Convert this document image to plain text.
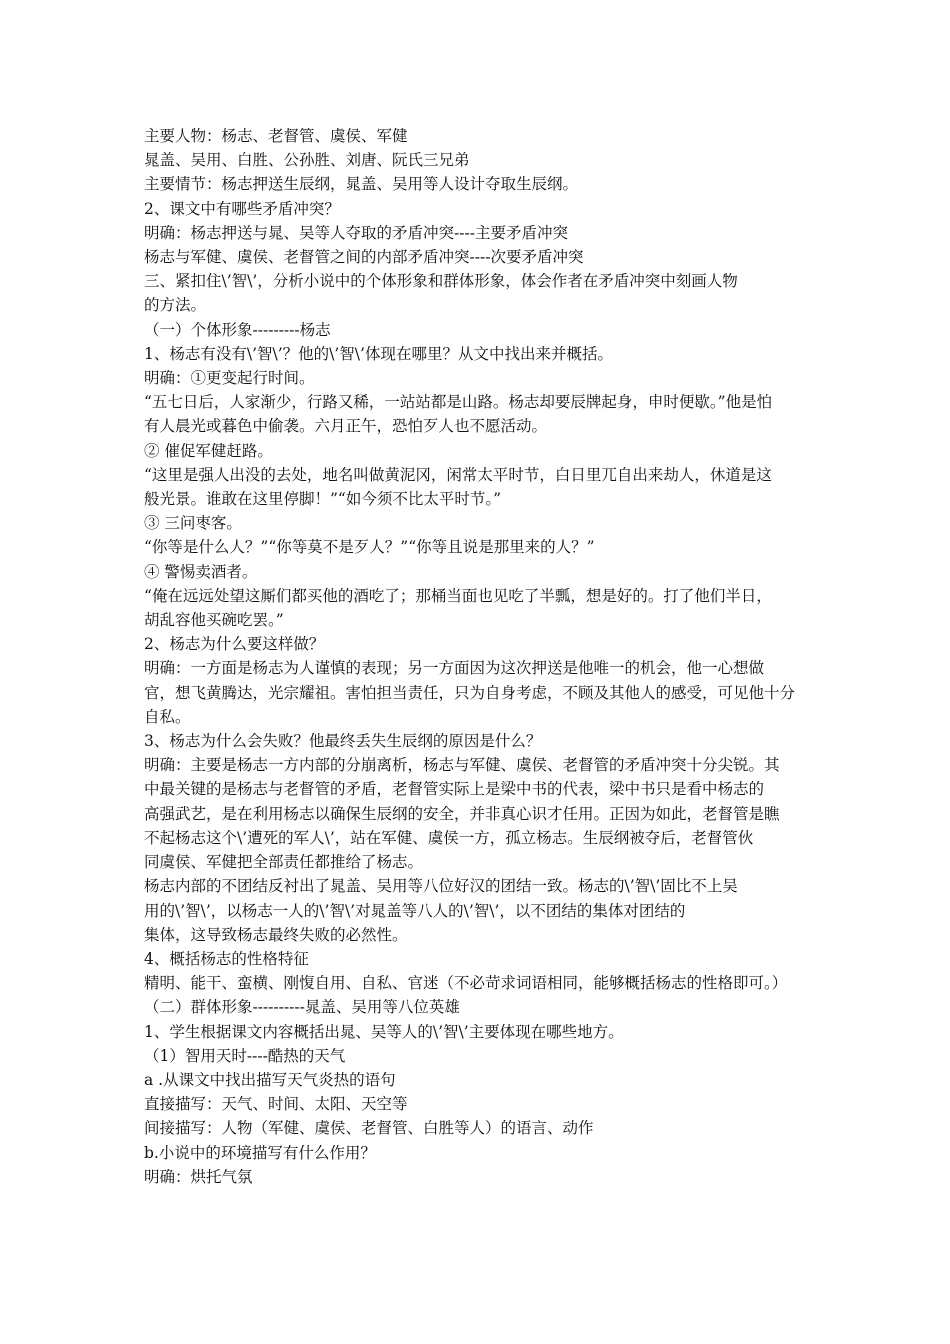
主要人物：杨志、老督管、虞侯、军健

晁盖、吴用、白胜、公孙胜、刘唐、阮氏三兄弟

主要情节：杨志押送生辰纲，晁盖、吴用等人设计夺取生辰纲。

2、课文中有哪些矛盾冲突？

明确：杨志押送与晁、吴等人夺取的矛盾冲突----主要矛盾冲突

杨志与军健、虞侯、老督管之间的内部矛盾冲突----次要矛盾冲突

三、紧扣住\’智\’，分析小说中的个体形象和群体形象，体会作者在矛盾冲突中刻画人物

的方法。

（一）个体形象---------杨志

1、杨志有没有\’智\’？他的\’智\’体现在哪里？从文中找出来并概括。

明确：①更变起行时间。

“五七日后，人家渐少，行路又稀，一站站都是山路。杨志却要辰牌起身，申时便歇。”他是怕

有人晨光或暮色中偷袭。六月正午，恐怕歹人也不愿活动。

② 催促军健赶路。

“这里是强人出没的去处，地名叫做黄泥冈，闲常太平时节，白日里兀自出来劫人，休道是这

般光景。谁敢在这里停脚！”“如今须不比太平时节。”

③ 三问枣客。

“你等是什么人？”“你等莫不是歹人？”“你等且说是那里来的人？”

④ 警惕卖酒者。

“俺在远远处望这厮们都买他的酒吃了；那桶当面也见吃了半瓢，想是好的。打了他们半日，

胡乱容他买碗吃罢。”

2、杨志为什么要这样做？

明确：一方面是杨志为人谨慎的表现；另一方面因为这次押送是他唯一的机会，他一心想做

官，想飞黄腾达，光宗耀祖。害怕担当责任，只为自身考虑，不顾及其他人的感受，可见他十分

自私。

3、杨志为什么会失败？他最终丢失生辰纲的原因是什么？

明确：主要是杨志一方内部的分崩离析，杨志与军健、虞侯、老督管的矛盾冲突十分尖锐。其

中最关键的是杨志与老督管的矛盾，老督管实际上是梁中书的代表，梁中书只是看中杨志的

高强武艺，是在利用杨志以确保生辰纲的安全，并非真心识才任用。正因为如此，老督管是瞧

不起杨志这个\’遭死的军人\’，站在军健、虞侯一方，孤立杨志。生辰纲被夺后，老督管伙

同虞侯、军健把全部责任都推给了杨志。

杨志内部的不团结反衬出了晁盖、吴用等八位好汉的团结一致。杨志的\’智\’固比不上吴

用的\’智\’，以杨志一人的\’智\’对晁盖等八人的\’智\’，以不团结的集体对团结的

集体，这导致杨志最终失败的必然性。

4、概括杨志的性格特征

精明、能干、蛮横、刚愎自用、自私、官迷（不必苛求词语相同，能够概括杨志的性格即可。）

（二）群体形象----------晁盖、吴用等八位英雄

1、学生根据课文内容概括出晁、吴等人的\’智\’主要体现在哪些地方。

（1）智用天时----酷热的天气

a .从课文中找出描写天气炎热的语句

直接描写：天气、时间、太阳、天空等

间接描写：人物（军健、虞侯、老督管、白胜等人）的语言、动作

b.小说中的环境描写有什么作用？

明确：烘托气氛
